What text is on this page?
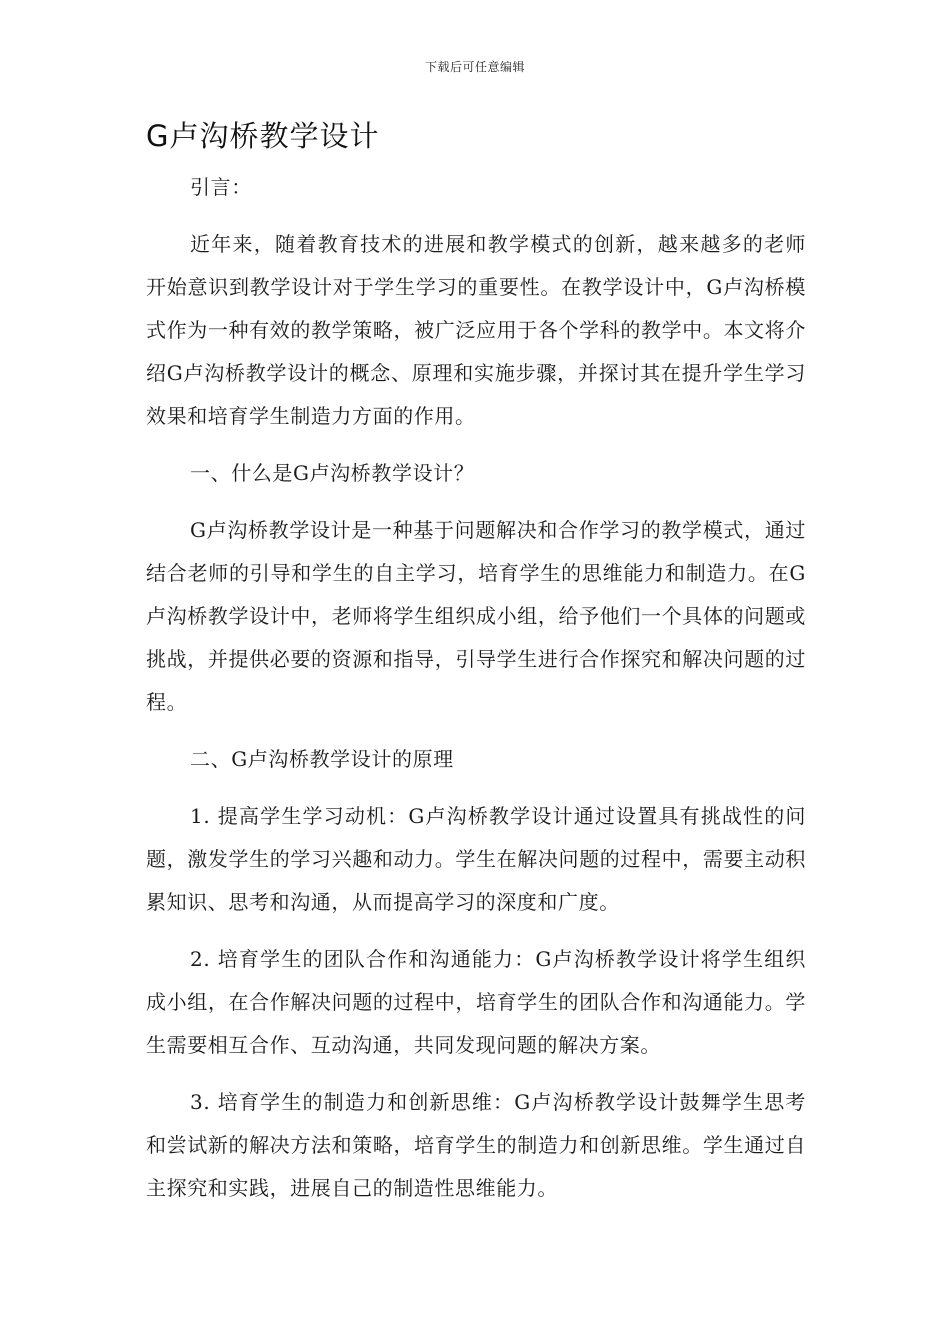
下载后可任意编辑
G卢沟桥教学设计

引言：

近年来，随着教育技术的进展和教学模式的创新，越来越多的老师开始意识到教学设计对于学生学习的重要性。在教学设计中，G卢沟桥模式作为一种有效的教学策略，被广泛应用于各个学科的教学中。本文将介绍G卢沟桥教学设计的概念、原理和实施步骤，并探讨其在提升学生学习效果和培育学生制造力方面的作用。

一、什么是G卢沟桥教学设计？

G卢沟桥教学设计是一种基于问题解决和合作学习的教学模式，通过结合老师的引导和学生的自主学习，培育学生的思维能力和制造力。在G卢沟桥教学设计中，老师将学生组织成小组，给予他们一个具体的问题或挑战，并提供必要的资源和指导，引导学生进行合作探究和解决问题的过程。

二、G卢沟桥教学设计的原理

1. 提高学生学习动机：G卢沟桥教学设计通过设置具有挑战性的问题，激发学生的学习兴趣和动力。学生在解决问题的过程中，需要主动积累知识、思考和沟通，从而提高学习的深度和广度。

2. 培育学生的团队合作和沟通能力：G卢沟桥教学设计将学生组织成小组，在合作解决问题的过程中，培育学生的团队合作和沟通能力。学生需要相互合作、互动沟通，共同发现问题的解决方案。

3. 培育学生的制造力和创新思维：G卢沟桥教学设计鼓舞学生思考和尝试新的解决方法和策略，培育学生的制造力和创新思维。学生通过自主探究和实践，进展自己的制造性思维能力。
